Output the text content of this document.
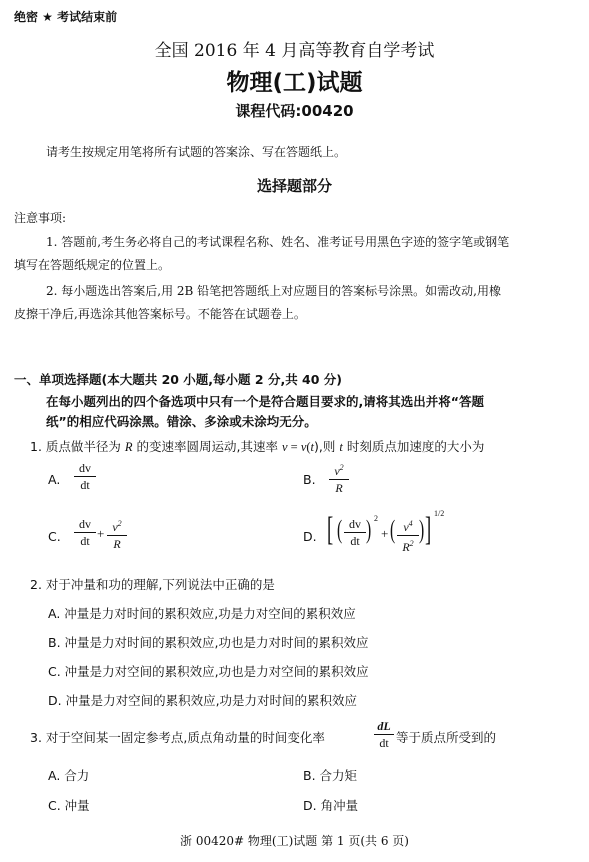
绝密 ★ 考试结束前
全国 2016 年 4 月高等教育自学考试
物理(工)试题
课程代码:00420
请考生按规定用笔将所有试题的答案涂、写在答题纸上。
选择题部分
注意事项:
1. 答题前,考生务必将自己的考试课程名称、姓名、准考证号用黑色字迹的签字笔或钢笔
填写在答题纸规定的位置上。
2. 每小题选出答案后,用 2B 铅笔把答题纸上对应题目的答案标号涂黑。如需改动,用橡
皮擦干净后,再选涂其他答案标号。不能答在试题卷上。
一、单项选择题(本大题共 20 小题,每小题 2 分,共 40 分)
在每小题列出的四个备选项中只有一个是符合题目要求的,请将其选出并将“答题
纸”的相应代码涂黑。错涂、多涂或未涂均无分。
1. 质点做半径为 R 的变速率圆周运动,其速率 v = v(t),则 t 时刻质点加速度的大小为
A.
dv
dt	B.
$v^2$
R
C.
dv
dt + $v^2$
R	D. [ ( dv
dt ) 2
+ ( $v^4$
$R^2$ ) ] 1/2
2. 对于冲量和功的理解,下列说法中正确的是
A. 冲量是力对时间的累积效应,功是力对空间的累积效应
B. 冲量是力对时间的累积效应,功也是力对时间的累积效应
C. 冲量是力对空间的累积效应,功也是力对空间的累积效应
D. 冲量是力对空间的累积效应,功是力对时间的累积效应
3. 对于空间某一固定参考点,质点角动量的时间变化率
dL
dt 等于质点所受到的
A. 合力	B. 合力矩
C. 冲量	D. 角冲量
浙 00420# 物理(工)试题 第 1 页(共 6 页)
